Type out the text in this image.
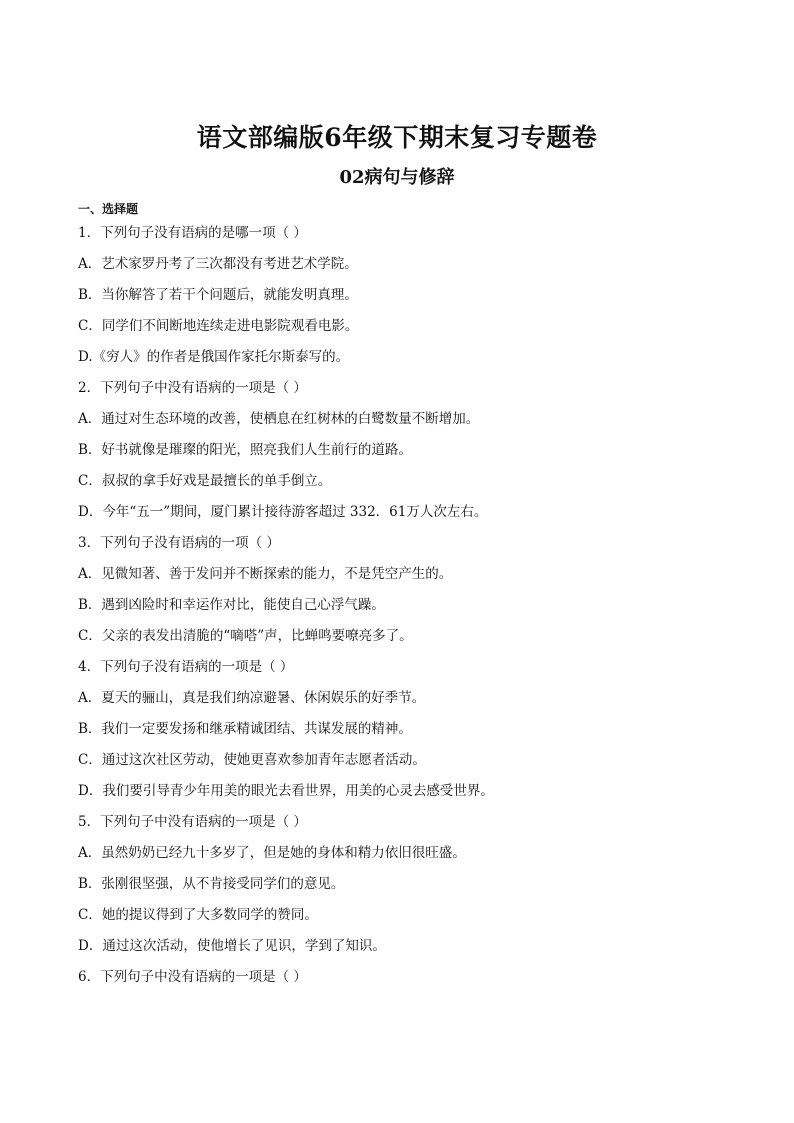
语文部编版6年级下期末复习专题卷
02病句与修辞
一、选择题
1．下列句子没有语病的是哪一项（ ）
A．艺术家罗丹考了三次都没有考进艺术学院。
B．当你解答了若干个问题后，就能发明真理。
C．同学们不间断地连续走进电影院观看电影。
D.《穷人》的作者是俄国作家托尔斯泰写的。
2．下列句子中没有语病的一项是（ ）
A．通过对生态环境的改善，使栖息在红树林的白鹭数量不断增加。
B．好书就像是璀璨的阳光，照亮我们人生前行的道路。
C．叔叔的拿手好戏是最擅长的单手倒立。
D．今年“五一”期间，厦门累计接待游客超过 332．61万人次左右。
3．下列句子没有语病的一项（ ）
A．见微知著、善于发问并不断探索的能力，不是凭空产生的。
B．遇到凶险时和幸运作对比，能使自己心浮气躁。
C．父亲的表发出清脆的“嘀嗒”声，比蝉鸣要嘹亮多了。
4．下列句子没有语病的一项是（ ）
A．夏天的骊山，真是我们纳凉避暑、休闲娱乐的好季节。
B．我们一定要发扬和继承精诚团结、共谋发展的精神。
C．通过这次社区劳动，使她更喜欢参加青年志愿者活动。
D．我们要引导青少年用美的眼光去看世界，用美的心灵去感受世界。
5．下列句子中没有语病的一项是（ ）
A．虽然奶奶已经九十多岁了，但是她的身体和精力依旧很旺盛。
B．张刚很坚强，从不肯接受同学们的意见。
C．她的提议得到了大多数同学的赞同。
D．通过这次活动，使他增长了见识，学到了知识。
6．下列句子中没有语病的一项是（ ）
